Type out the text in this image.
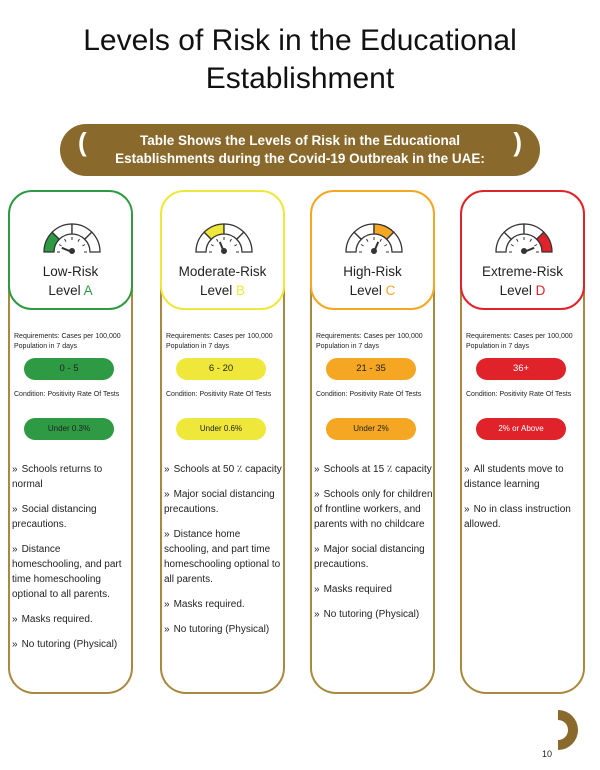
Levels of Risk in the Educational
Establishment
(	Table Shows the Levels of Risk in the Educational
Establishments during the Covid-19 Outbreak in the UAE:
)
Low-Risk
Level A
Requirements: Cases per 100,000 Population in 7 days
0 - 5
Condition: Positivity Rate Of Tests
Under 0.3%
» Schools returns to normal
» Social distancing precautions.
» Distance homeschooling, and part time homeschooling optional to all parents.
» Masks required.
» No tutoring (Physical)
Moderate-Risk
Level B
Requirements: Cases per 100,000 Population in 7 days
6 - 20
Condition: Positivity Rate Of Tests
Under 0.6%
» Schools at 50 ٪ capacity
» Major social distancing precautions.
» Distance home schooling, and part time homeschooling optional to all parents.
» Masks required.
» No tutoring (Physical)
High-Risk
Level C
Requirements: Cases per 100,000 Population in 7 days
21 - 35
Condition: Positivity Rate Of Tests
Under 2%
» Schools at 15 ٪ capacity
» Schools only for children of frontline workers, and parents with no childcare
» Major social distancing precautions.
» Masks required
» No tutoring (Physical)
Extreme-Risk
Level D
Requirements: Cases per 100,000 Population in 7 days
36+
Condition: Positivity Rate Of Tests
2% or Above
» All students move to distance learning
» No in class instruction allowed.
10
